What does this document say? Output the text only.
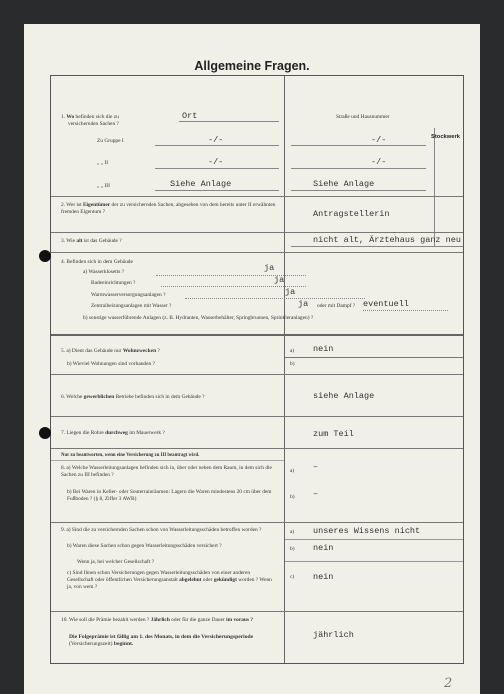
Allgemeine Fragen.
Stockwerk
1. Wo befinden sich die zu
versichernden Sachen ?
Ort	Straße und Hausnummer
Zu Gruppe I	-/-	-/-
„ „ II	-/-	-/-
„ „ III	Siehe Anlage	Siehe Anlage
2. Wer ist Eigentümer der zu versichernden Sachen, abgesehen von dem bereits unter II erwähnten fremden Eigentum ?	Antragstellerin
3. Wie alt ist das Gebäude ?	nicht alt, Ärztehaus ganz neu
4. Befinden sich in dem Gebäude
a) Wasserklosetts ?	ja
Badeeinrichtungen ?	ja
Warmwasserversorgungsanlagen ?	ja
Zentralheizungsanlagen mit Wasser ?	ja oder mit Dampf ? eventuell
b) sonstige wasserführende Anlagen (z. B. Hydranten, Wasserbehälter, Springbrunnen, Sprinkleranlagen) ?
5. a) Dient das Gebäude nur Wohnzwecken ?
b) Wieviel Wohnungen sind vorhanden ?
a) nein
b)
6. Welche gewerblichen Betriebe befinden sich in dem Gebäude ?	siehe Anlage
7. Liegen die Rohre durchweg im Mauerwerk ?	zum Teil
Nur zu beantworten, wenn eine Versicherung zu III beantragt wird.
8. a) Welche Wasserleitungsanlagen befinden sich in, über oder neben dem Raum, in dem sich die Sachen zu III befinden ?
b) Bei Waren in Keller- oder Souterrainräumen: Lagern die Waren mindestens 20 cm über dem Fußboden ? (§ 8, Ziffer 3 AWB)
a) –
b) –
9. a) Sind die zu versichernden Sachen schon von Wasserleitungsschäden betroffen worden ?
b) Waren diese Sachen schon gegen Wasserleitungsschäden versichert ?
Wenn ja, bei welcher Gesellschaft ?
c) Sind Ihnen schon Versicherungen gegen Wasserleitungsschäden von einer anderen Gesellschaft oder öffentlichen Versicherungsanstalt abgelehnt oder gekündigt worden ? Wenn ja, von wem ?
a) unseres Wissens nicht
b) nein
c) nein
10. Wie soll die Prämie bezahlt werden ? Jährlich oder für die ganze Dauer im voraus ?
Die Folgeprämie ist fällig am 1. des Monats, in dem die Versicherungsperiode (Versicherungszeit) beginnt.
jährlich
2
